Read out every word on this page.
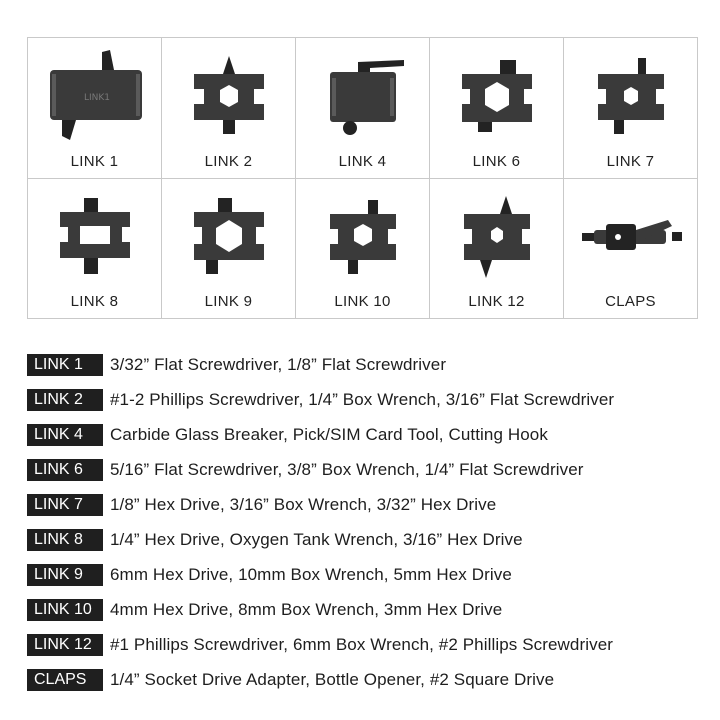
LINK1
LINK 1	LINK 2	LINK 4	LINK 6	LINK 7
LINK 8	LINK 9	LINK 10	LINK 12	CLAPS
LINK 1	3/32” Flat Screwdriver, 1/8” Flat Screwdriver
LINK 2	#1-2 Phillips Screwdriver, 1/4” Box Wrench, 3/16” Flat Screwdriver
LINK 4	Carbide Glass Breaker, Pick/SIM Card Tool, Cutting Hook
LINK 6	5/16” Flat Screwdriver, 3/8” Box Wrench, 1/4” Flat Screwdriver
LINK 7	1/8” Hex Drive, 3/16” Box Wrench, 3/32” Hex Drive
LINK 8	1/4” Hex Drive, Oxygen Tank Wrench, 3/16” Hex Drive
LINK 9	6mm Hex Drive, 10mm Box Wrench, 5mm Hex Drive
LINK 10	4mm Hex Drive, 8mm Box Wrench, 3mm Hex Drive
LINK 12	#1 Phillips Screwdriver, 6mm Box Wrench, #2 Phillips Screwdriver
CLAPS	1/4” Socket Drive Adapter, Bottle Opener, #2 Square Drive
